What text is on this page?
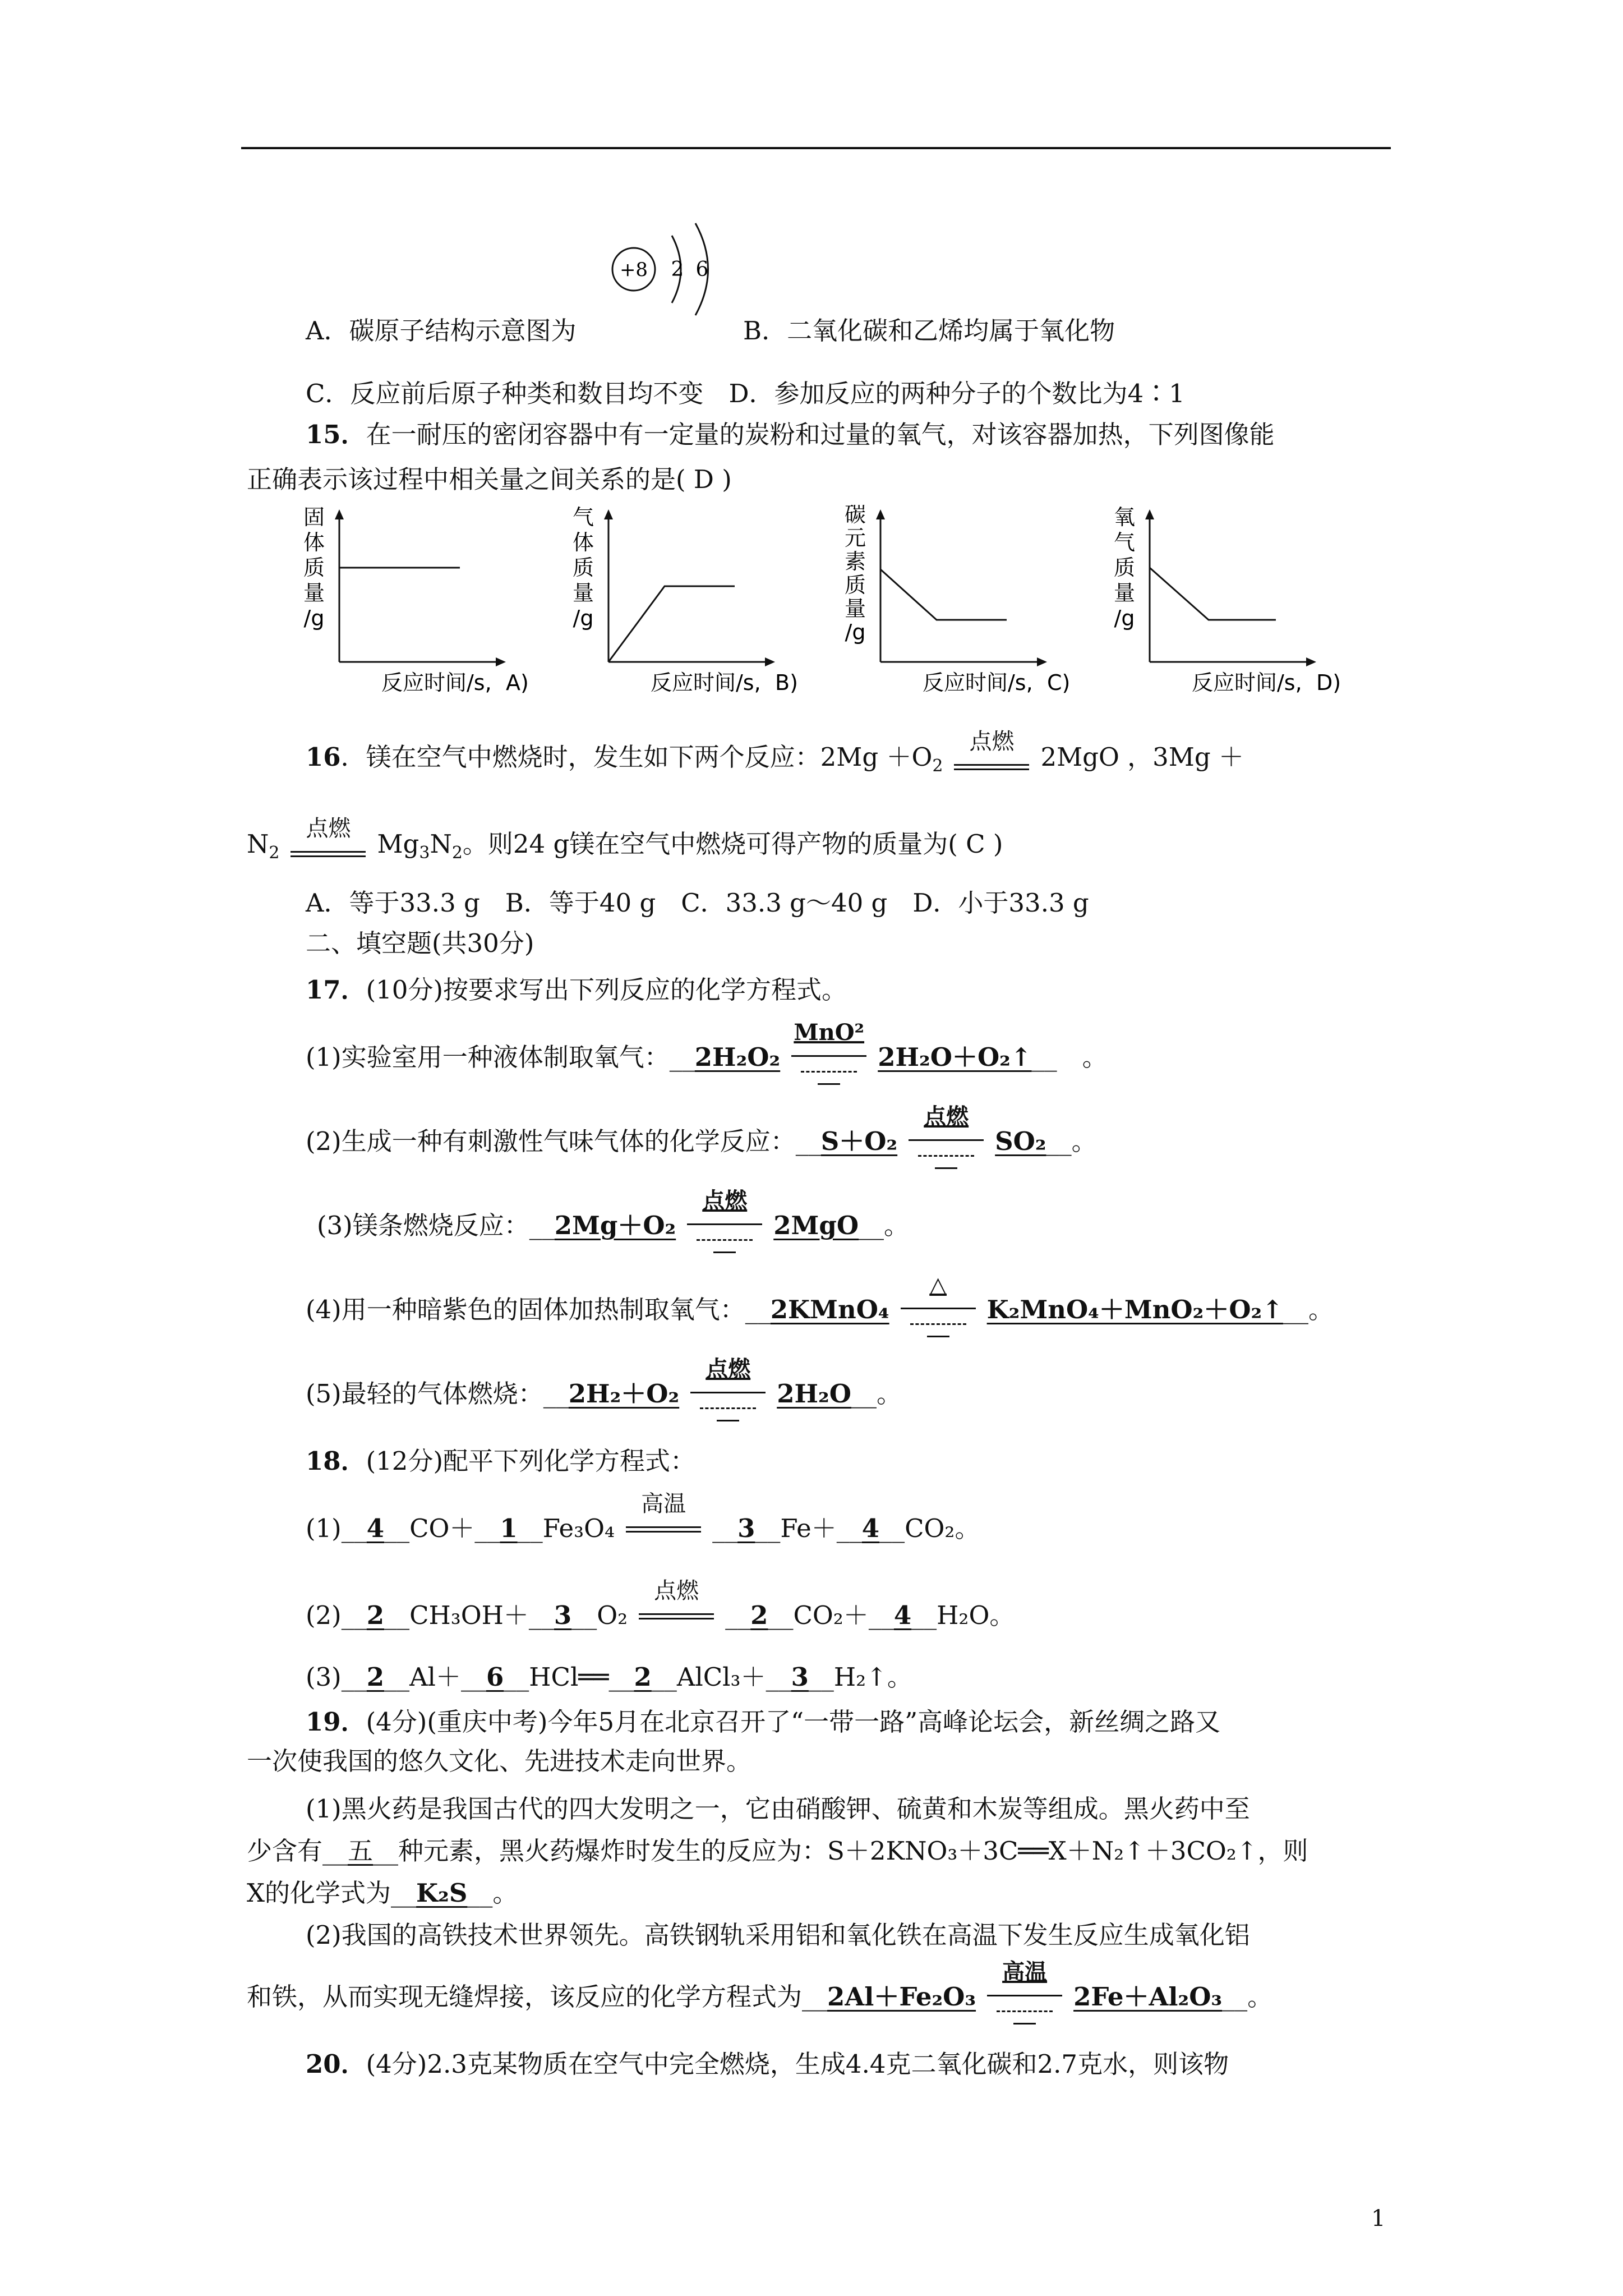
+8 2 6
A．碳原子结构示意图为	B．二氧化碳和乙烯均属于氧化物
C．反应前后原子种类和数目均不变　 D．参加反应的两种分子的个数比为4∶1
15．在一耐压的密闭容器中有一定量的炭粉和过量的氧气，对该容器加热，下列图像能
正确表示该过程中相关量之间关系的是( D )
固
体
质
量
/g
反应时间/s, A)
气
体
质
量
/g
反应时间/s, B)
碳
元
素
质
量
/g
反应时间/s, C)
氧
气
质
量
/g
反应时间/s, D)
16．镁在空气中燃烧时，发生如下两个反应：$2Mg +O_2$
点燃
2MgO ，3Mg ＋
$N_2$
点燃
$Mg_3N_2$。则24 g镁在空气中燃烧可得产物的质量为( C )
A．等于33.3 g　B．等于40 g　C．33.3 g～40 g　D．小于33.3 g
二、填空题(共30分)
17．(10分)按要求写出下列反应的化学方程式。
(1)实验室用一种液体制取氧气：__2H₂O₂
MnO²
2H₂O＋O₂↑__　。
(2)生成一种有刺激性气味气体的化学反应：__S＋O₂
点燃
SO₂__。
(3)镁条燃烧反应：__2Mg＋O₂
点燃
2MgO__。
(4)用一种暗紫色的固体加热制取氧气：__2KMnO₄
△
K₂MnO₄＋MnO₂＋O₂↑__。
(5)最轻的气体燃烧：__2H₂＋O₂
点燃
2H₂O__。
18．(12分)配平下列化学方程式：
(1)__4__CO＋__1__Fe₃O₄
高温
__3__Fe＋__4__CO₂。
(2)__2__CH₃OH＋__3__O₂
点燃
__2__CO₂＋__4__H₂O。
(3)__2__Al＋__6__HCl══__2__AlCl₃＋__3__H₂↑。
19．(4分)(重庆中考)今年5月在北京召开了“一带一路”高峰论坛会，新丝绸之路又
一次使我国的悠久文化、先进技术走向世界。
(1)黑火药是我国古代的四大发明之一，它由硝酸钾、硫黄和木炭等组成。黑火药中至
少含有__五__种元素，黑火药爆炸时发生的反应为：S＋2KNO₃＋3C══X＋N₂↑＋3CO₂↑，则
X的化学式为__K₂S__。
(2)我国的高铁技术世界领先。高铁钢轨采用铝和氧化铁在高温下发生反应生成氧化铝
和铁，从而实现无缝焊接，该反应的化学方程式为__2Al＋Fe₂O₃
高温
2Fe＋Al₂O₃__。
20．(4分)2.3克某物质在空气中完全燃烧，生成4.4克二氧化碳和2.7克水，则该物
1
